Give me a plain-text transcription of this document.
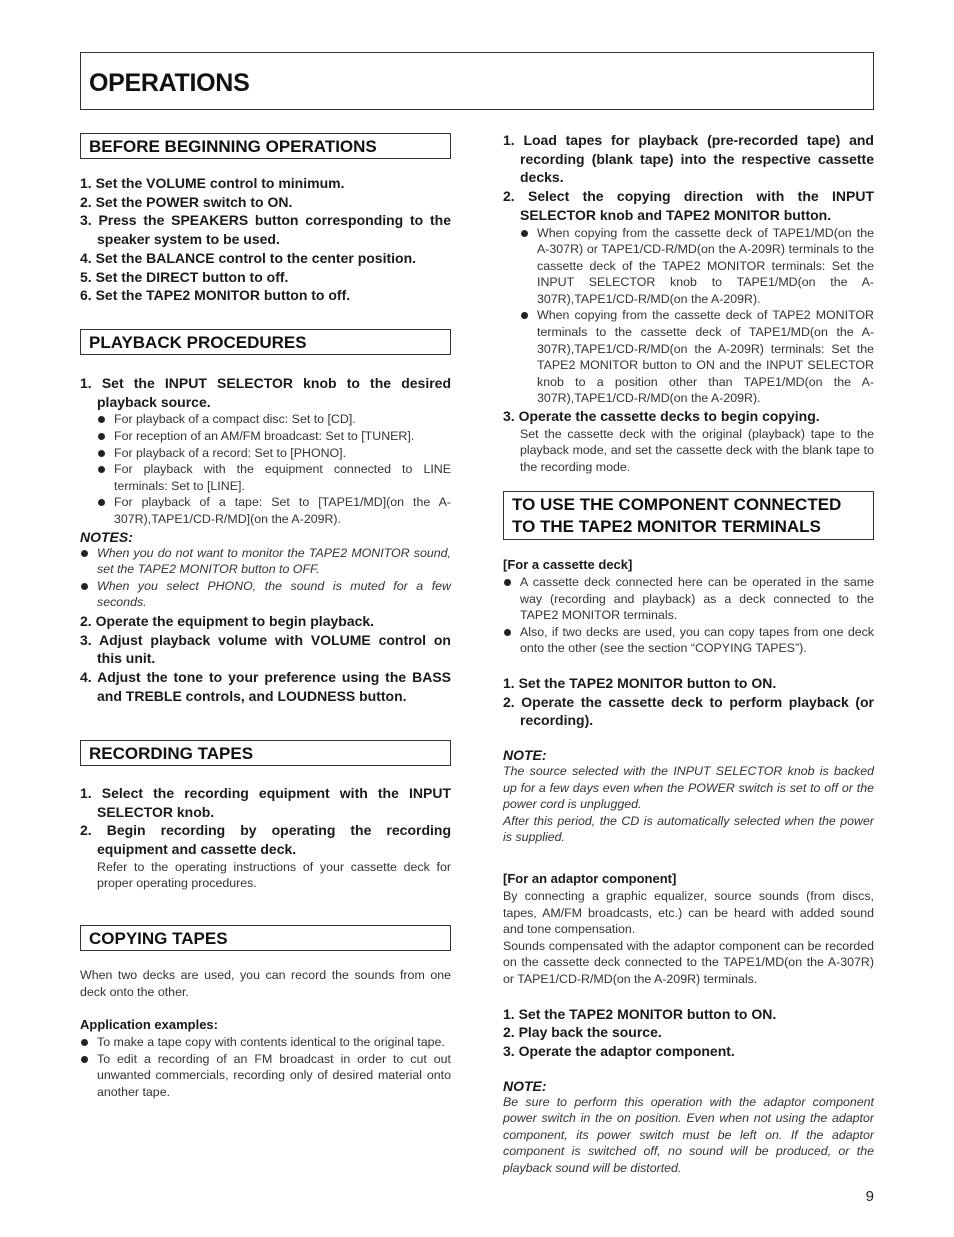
OPERATIONS
BEFORE BEGINNING OPERATIONS
1. Set the VOLUME control to minimum.
2. Set the POWER switch to ON.
3. Press the SPEAKERS button corresponding to the speaker system to be used.
4. Set the BALANCE control to the center position.
5. Set the DIRECT button to off.
6. Set the TAPE2 MONITOR button to off.
PLAYBACK PROCEDURES
1. Set the INPUT SELECTOR knob to the desired playback source.
For playback of a compact disc: Set to [CD].
For reception of an AM/FM broadcast: Set to [TUNER].
For playback of a record: Set to [PHONO].
For playback with the equipment connected to LINE terminals: Set to [LINE].
For playback of a tape: Set to [TAPE1/MD](on the A-307R),TAPE1/CD-R/MD](on the A-209R).

NOTES:

When you do not want to monitor the TAPE2 MONITOR sound, set the TAPE2 MONITOR button to OFF.
When you select PHONO, the sound is muted for a few seconds.
2. Operate the equipment to begin playback.
3. Adjust playback volume with VOLUME control on this unit.
4. Adjust the tone to your preference using the BASS and TREBLE controls, and LOUDNESS button.
RECORDING TAPES
1. Select the recording equipment with the INPUT SELECTOR knob.
2. Begin recording by operating the recording equipment and cassette deck.

Refer to the operating instructions of your cassette deck for proper operating procedures.

COPYING TAPES

When two decks are used, you can record the sounds from one deck onto the other.

Application examples:

To make a tape copy with contents identical to the original tape.
To edit a recording of an FM broadcast in order to cut out unwanted commercials, recording only of desired material onto another tape.
1. Load tapes for playback (pre-recorded tape) and recording (blank tape) into the respective cassette decks.
2. Select the copying direction with the INPUT SELECTOR knob and TAPE2 MONITOR button.
When copying from the cassette deck of TAPE1/MD(on the A-307R) or TAPE1/CD-R/MD(on the A-209R) terminals to the cassette deck of the TAPE2 MONITOR terminals: Set the INPUT SELECTOR knob to TAPE1/MD(on the A-307R),TAPE1/CD-R/MD(on the A-209R).
When copying from the cassette deck of TAPE2 MONITOR terminals to the cassette deck of TAPE1/MD(on the A-307R),TAPE1/CD-R/MD(on the A-209R) terminals: Set the TAPE2 MONITOR button to ON and the INPUT SELECTOR knob to a position other than TAPE1/MD(on the A-307R),TAPE1/CD-R/MD(on the A-209R).
3. Operate the cassette decks to begin copying.

Set the cassette deck with the original (playback) tape to the playback mode, and set the cassette deck with the blank tape to the recording mode.

TO USE THE COMPONENT CONNECTED
TO THE TAPE2 MONITOR TERMINALS

[For a cassette deck]

A cassette deck connected here can be operated in the same way (recording and playback) as a deck connected to the TAPE2 MONITOR terminals.
Also, if two decks are used, you can copy tapes from one deck onto the other (see the section “COPYING TAPES”).
1. Set the TAPE2 MONITOR button to ON.
2. Operate the cassette deck to perform playback (or recording).

NOTE:

The source selected with the INPUT SELECTOR knob is backed up for a few days even when the POWER switch is set to off or the power cord is unplugged.

After this period, the CD is automatically selected when the power is supplied.

[For an adaptor component]

By connecting a graphic equalizer, source sounds (from discs, tapes, AM/FM broadcasts, etc.) can be heard with added sound and tone compensation.

Sounds compensated with the adaptor component can be recorded on the cassette deck connected to the TAPE1/MD(on the A-307R) or TAPE1/CD-R/MD(on the A-209R) terminals.

1. Set the TAPE2 MONITOR button to ON.
2. Play back the source.
3. Operate the adaptor component.

NOTE:

Be sure to perform this operation with the adaptor component power switch in the on position. Even when not using the adaptor component, its power switch must be left on. If the adaptor component is switched off, no sound will be produced, or the playback sound will be distorted.

9
